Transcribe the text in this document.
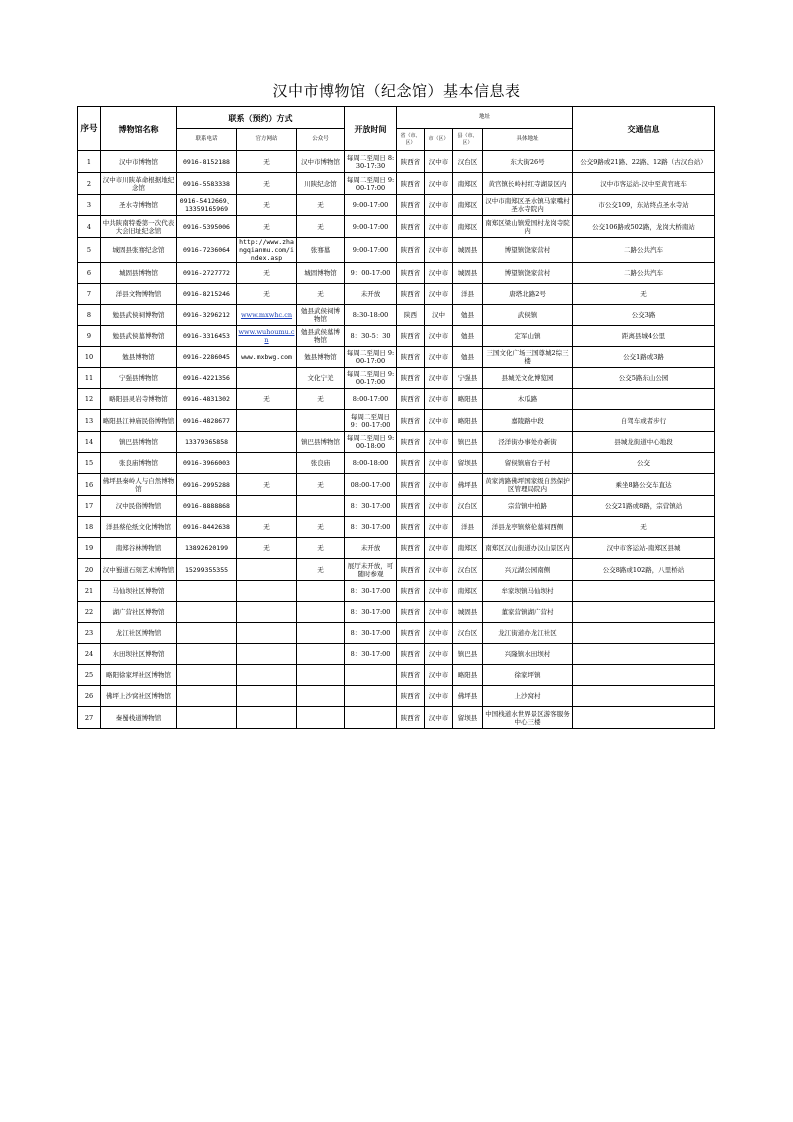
汉中市博物馆（纪念馆）基本信息表
序号	博物馆名称	联系（预约）方式			开放时间	地址				交通信息
		联系电话	官方网站	公众号		省（市、区）	市（区）	县（市、区）	具体地址	
1	汉中市博物馆	0916-8152188	无	汉中市博物馆	每周二至周日 8:30-17:30	陕西省	汉中市	汉台区	东大街26号	公交9路或21路、22路、12路（古汉台站）
2	汉中市川陕革命根据地纪念馆	0916-5583338	无	川陕纪念馆	每周二至周日 9:00-17:00	陕西省	汉中市	南郑区	黄官镇长岭村红寺湖景区内	汉中市客运站-汉中至黄官班车
3	圣水寺博物馆	0916-5412669、13359165969	无	无	9:00-17:00	陕西省	汉中市	南郑区	汉中市南郑区圣水镇马家嘴村圣水寺院内	市公交109，东站终点圣水寺站
4	中共陕南特委第一次代表大会旧址纪念馆	0916-5395006	无	无	9:00-17:00	陕西省	汉中市	南郑区	南郑区梁山镇爱国村龙岗寺院内	公交106路或502路，龙岗大桥南站
5	城固县张骞纪念馆	0916-7236064	http://www.zhangqianmu.com/index.asp	张骞墓	9:00-17:00	陕西省	汉中市	城固县	博望镇饶家营村	二路公共汽车
6	城固县博物馆	0916-2727772	无	城固博物馆	9：00-17:00	陕西省	汉中市	城固县	博望镇饶家营村	二路公共汽车
7	洋县文物博物馆	0916-8215246	无	无	未开放	陕西省	汉中市	洋县	唐塔北路2号	无
8	勉县武侯祠博物馆	0916-3296212	www.mxwhc.cn	勉县武侯祠博物馆	8:30-18:00	陕西	汉中	勉县	武侯镇	公交3路
9	勉县武侯墓博物馆	0916-3316453	www.wuhoumu.cn	勉县武侯墓博物馆	8：30-5：30	陕西省	汉中市	勉县	定军山镇	距离县城4公里
10	勉县博物馆	0916-2286045	www.mxbwg.com	勉县博物馆	每周二至周日 9:00-17:00	陕西省	汉中市	勉县	三国文化广场三国尊城2综三楼	公交1路或3路
11	宁强县博物馆	0916-4221356		文化宁羌	每周二至周日 9:00-17:00	陕西省	汉中市	宁强县	县城羌文化博览园	公交5路东山公园
12	略阳县灵岩寺博物馆	0916-4831302	无	无	8:00-17:00	陕西省	汉中市	略阳县	木瓜路	
13	略阳县江神庙民俗博物馆	0916-4828677			每周二至周日9：00-17:00	陕西省	汉中市	略阳县	嘉陵路中段	自驾车或者步行
14	镇巴县博物馆	13379365858		镇巴县博物馆	每周二至周日 9:00-18:00	陕西省	汉中市	镇巴县	泾洋街办事处办新街	县城龙街道中心地段
15	张良庙博物馆	0916-3966003		张良庙	8:00-18:00	陕西省	汉中市	留坝县	留侯镇庙台子村	公交
16	佛坪县秦岭人与自然博物馆	0916-2995288	无	无	08:00-17:00	陕西省	汉中市	佛坪县	黄家湾路佛坪国家级自然保护区管理局院内	乘坐8路公交车直达
17	汉中民俗博物馆	0916-8888868			8：30-17:00	陕西省	汉中市	汉台区	宗营镇中柏路	公交21路或8路，宗营镇站
18	洋县蔡伦纸文化博物馆	0916-8442638	无	无	8：30-17:00	陕西省	汉中市	洋县	洋县龙亭镇蔡伦墓祠西侧	无
19	南郑谷林博物馆	13892620199	无	无	未开放	陕西省	汉中市	南郑区	南郑区汉山街道办汉山景区内	汉中市客运站-南郑区县城
20	汉中蜀道石刻艺术博物馆	15299355355		无	展厅未开放，可随时参观	陕西省	汉中市	汉台区	兴元湖公园南侧	公交8路或102路，八里桥站
21	马仙坝社区博物馆				8：30-17:00	陕西省	汉中市	南郑区	牟家坝镇马仙坝村	
22	湖广营社区博物馆				8：30-17:00	陕西省	汉中市	城固县	董家营镇湖广营村	
23	龙江社区博物馆				8：30-17:00	陕西省	汉中市	汉台区	龙江街道办龙江社区	
24	水田坝社区博物馆				8：30-17:00	陕西省	汉中市	镇巴县	兴隆镇水田坝村	
25	略阳徐家坪社区博物馆					陕西省	汉中市	略阳县	徐家坪镇	
26	佛坪上沙窝社区博物馆					陕西省	汉中市	佛坪县	上沙窝村	
27	秦蜀栈道博物馆					陕西省	汉中市	留坝县	中国栈道水世界景区游客服务中心三楼	
